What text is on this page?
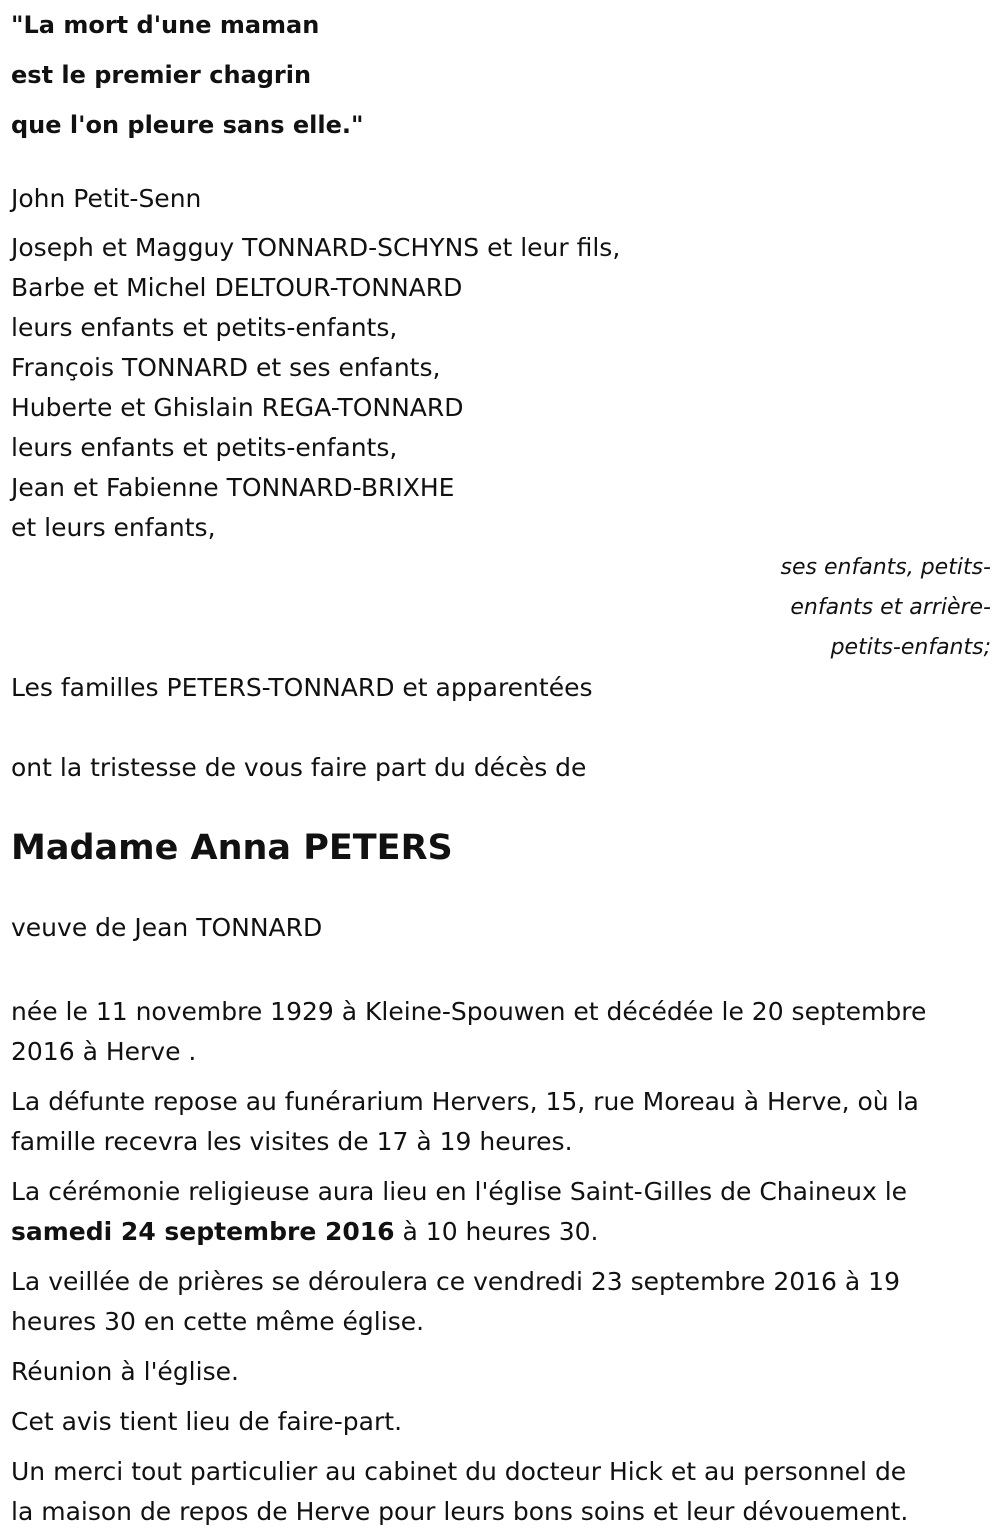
"La mort d'une maman
est le premier chagrin
que l'on pleure sans elle."
John Petit-Senn
Joseph et Magguy TONNARD-SCHYNS et leur fils,
Barbe et Michel DELTOUR-TONNARD
leurs enfants et petits-enfants,
François TONNARD et ses enfants,
Huberte et Ghislain REGA-TONNARD
leurs enfants et petits-enfants,
Jean et Fabienne TONNARD-BRIXHE
et leurs enfants,
ses enfants, petits-
enfants et arrière-
petits-enfants;
Les familles PETERS-TONNARD et apparentées
ont la tristesse de vous faire part du décès de
Madame Anna PETERS
veuve de Jean TONNARD
née le 11 novembre 1929 à Kleine-Spouwen et décédée le 20 septembre
2016 à Herve .
La défunte repose au funérarium Hervers, 15, rue Moreau à Herve, où la
famille recevra les visites de 17 à 19 heures.
La cérémonie religieuse aura lieu en l'église Saint-Gilles de Chaineux le
samedi 24 septembre 2016 à 10 heures 30.
La veillée de prières se déroulera ce vendredi 23 septembre 2016 à 19
heures 30 en cette même église.
Réunion à l'église.
Cet avis tient lieu de faire-part.
Un merci tout particulier au cabinet du docteur Hick et au personnel de
la maison de repos de Herve pour leurs bons soins et leur dévouement.
